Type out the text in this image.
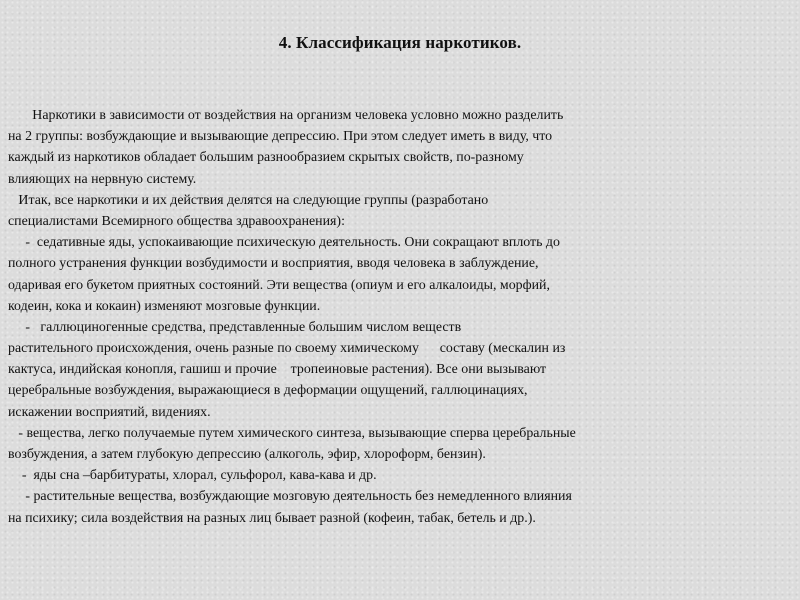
4. Классификация наркотиков.
Наркотики в зависимости от воздействия на организм человека условно можно разделить
на 2 группы: возбуждающие и вызывающие депрессию. При этом следует иметь в виду, что
каждый из наркотиков обладает большим разнообразием скрытых свойств, по-разному
влияющих на нервную систему.
Итак, все наркотики и их действия делятся на следующие группы (разработано
специалистами Всемирного общества здравоохранения):
-  седативные яды, успокаивающие психическую деятельность. Они сокращают вплоть до
полного устранения функции возбудимости и восприятия, вводя человека в заблуждение,
одаривая его букетом приятных состояний. Эти вещества (опиум и его алкалоиды, морфий,
кодеин, кока и кокаин) изменяют мозговые функции.
-   галлюциногенные средства, представленные большим числом веществ
растительного происхождения, очень разные по своему химическому      составу (мескалин из
кактуса, индийская конопля, гашиш и прочие    тропеиновые растения). Все они вызывают
церебральные возбуждения, выражающиеся в деформации ощущений, галлюцинациях,
искажении восприятий, видениях.
- вещества, легко получаемые путем химического синтеза, вызывающие сперва церебральные
возбуждения, а затем глубокую депрессию (алкоголь, эфир, хлороформ, бензин).
-  яды сна –барбитураты, хлорал, сульфорол, кава-кава и др.
- растительные вещества, возбуждающие мозговую деятельность без немедленного влияния
на психику; сила воздействия на разных лиц бывает разной (кофеин, табак, бетель и др.).
